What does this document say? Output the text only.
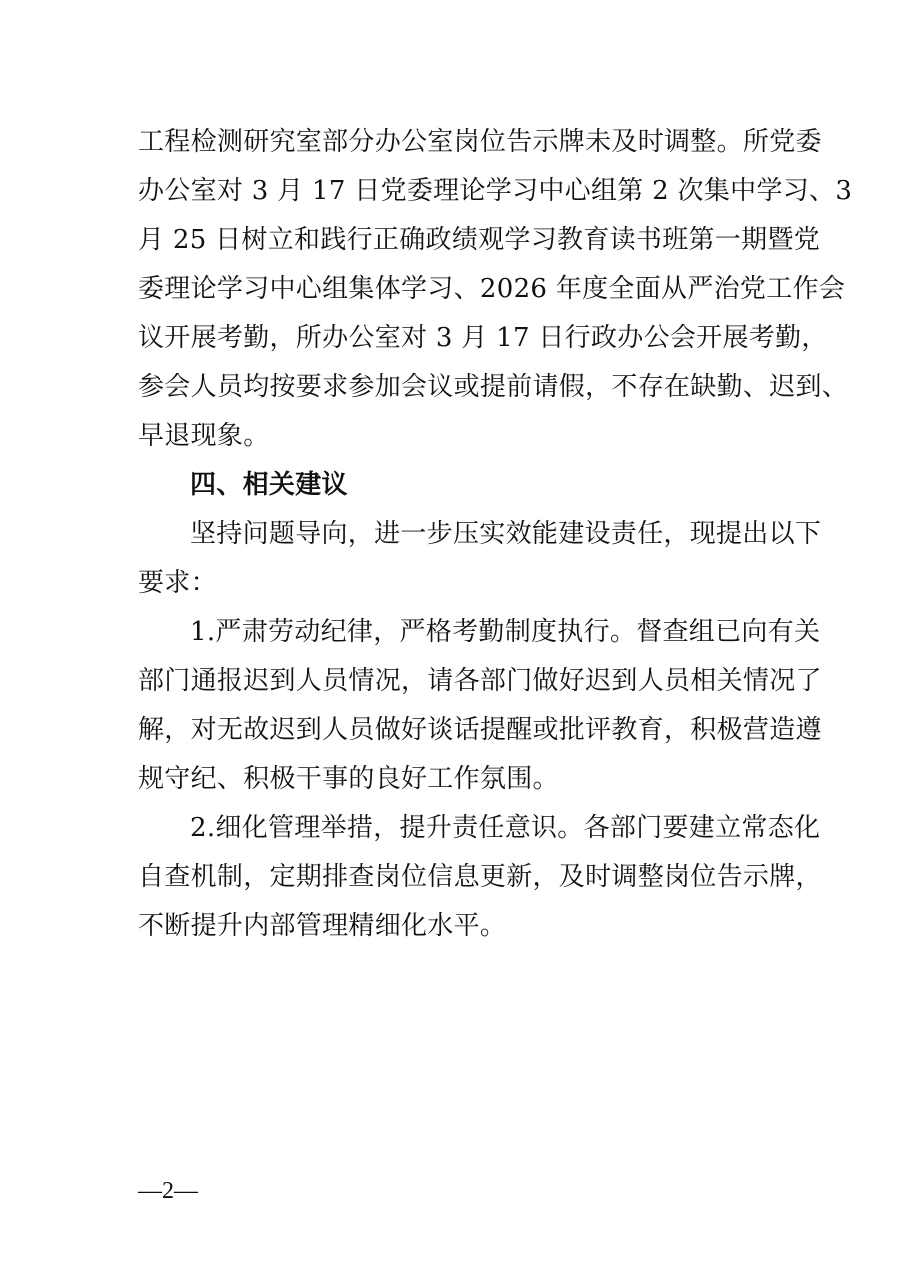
工程检测研究室部分办公室岗位告示牌未及时调整。所党委
办公室对 3 月 17 日党委理论学习中心组第 2 次集中学习、3
月 25 日树立和践行正确政绩观学习教育读书班第一期暨党
委理论学习中心组集体学习、2026 年度全面从严治党工作会
议开展考勤，所办公室对 3 月 17 日行政办公会开展考勤，
参会人员均按要求参加会议或提前请假，不存在缺勤、迟到、
早退现象。
四、相关建议
坚持问题导向，进一步压实效能建设责任，现提出以下
要求：
1.严肃劳动纪律，严格考勤制度执行。督查组已向有关
部门通报迟到人员情况，请各部门做好迟到人员相关情况了
解，对无故迟到人员做好谈话提醒或批评教育，积极营造遵
规守纪、积极干事的良好工作氛围。
2.细化管理举措，提升责任意识。各部门要建立常态化
自查机制，定期排查岗位信息更新，及时调整岗位告示牌，
不断提升内部管理精细化水平。
—2—
